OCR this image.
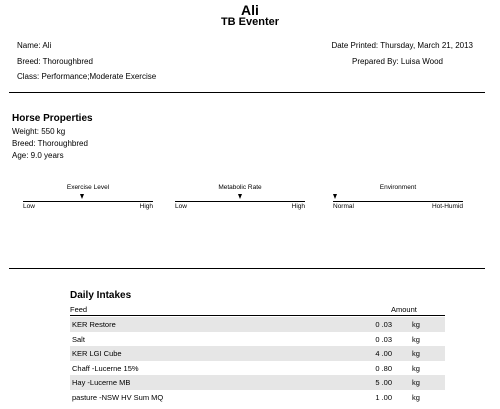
Ali
TB Eventer
Name: Ali
Breed: Thoroughbred
Class: Performance;Moderate Exercise
Date Printed: Thursday, March 21, 2013
Prepared By: Luisa Wood
Horse Properties
Weight: 550 kg
Breed: Thoroughbred
Age: 9.0 years
Exercise Level
Low	High
Metabolic Rate
Low	High
Environment
Normal	Hot-Humid
Daily Intakes
Feed	Amount
KER Restore	0 .03	kg
Salt	0 .03	kg
KER LGI Cube	4 .00	kg
Chaff -Lucerne 15%	0 .80	kg
Hay -Lucerne MB	5 .00	kg
pasture -NSW HV Sum MQ	1 .00	kg
